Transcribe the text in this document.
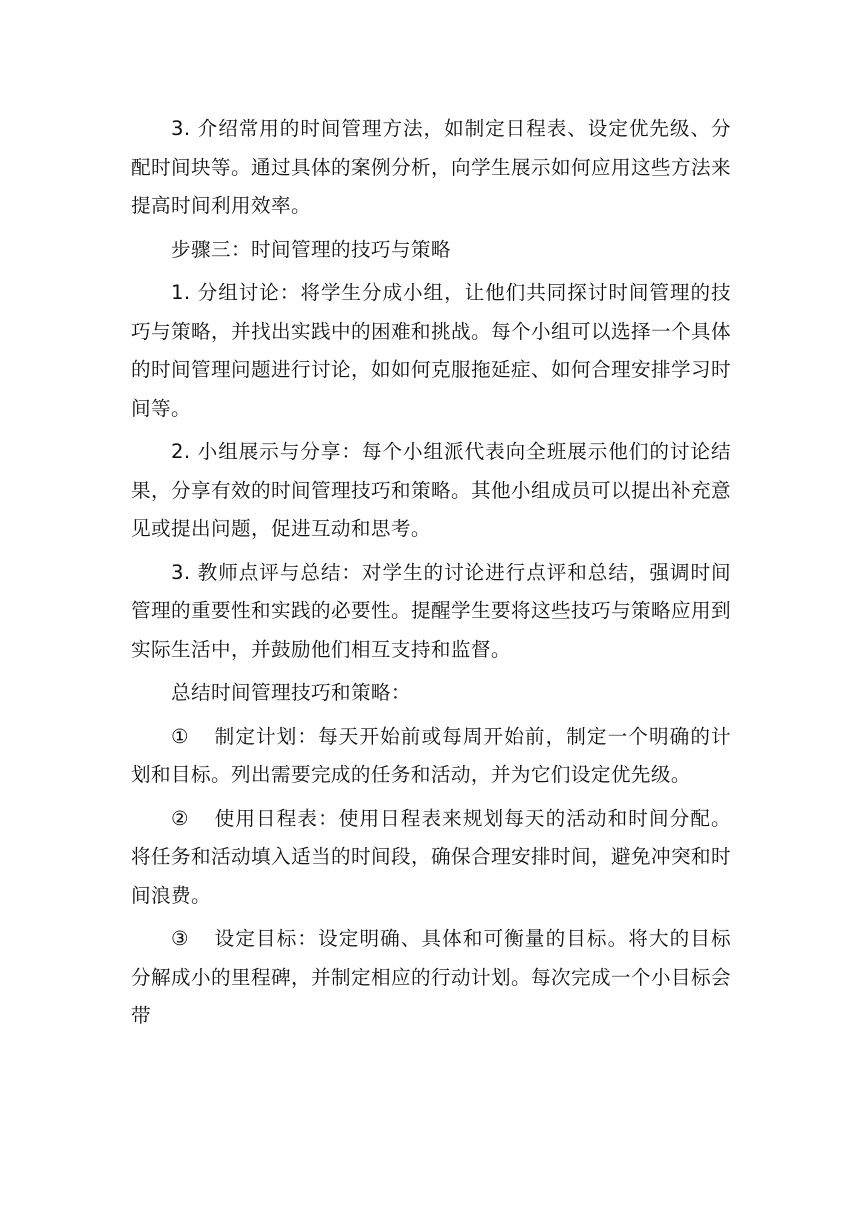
3. 介绍常用的时间管理方法，如制定日程表、设定优先级、分配时间块等。通过具体的案例分析，向学生展示如何应用这些方法来提高时间利用效率。

步骤三：时间管理的技巧与策略

1. 分组讨论：将学生分成小组，让他们共同探讨时间管理的技巧与策略，并找出实践中的困难和挑战。每个小组可以选择一个具体的时间管理问题进行讨论，如如何克服拖延症、如何合理安排学习时间等。

2. 小组展示与分享：每个小组派代表向全班展示他们的讨论结果，分享有效的时间管理技巧和策略。其他小组成员可以提出补充意见或提出问题，促进互动和思考。

3. 教师点评与总结：对学生的讨论进行点评和总结，强调时间管理的重要性和实践的必要性。提醒学生要将这些技巧与策略应用到实际生活中，并鼓励他们相互支持和监督。

总结时间管理技巧和策略：

① 制定计划：每天开始前或每周开始前，制定一个明确的计划和目标。列出需要完成的任务和活动，并为它们设定优先级。

② 使用日程表：使用日程表来规划每天的活动和时间分配。将任务和活动填入适当的时间段，确保合理安排时间，避免冲突和时间浪费。

③ 设定目标：设定明确、具体和可衡量的目标。将大的目标分解成小的里程碑，并制定相应的行动计划。每次完成一个小目标会带
